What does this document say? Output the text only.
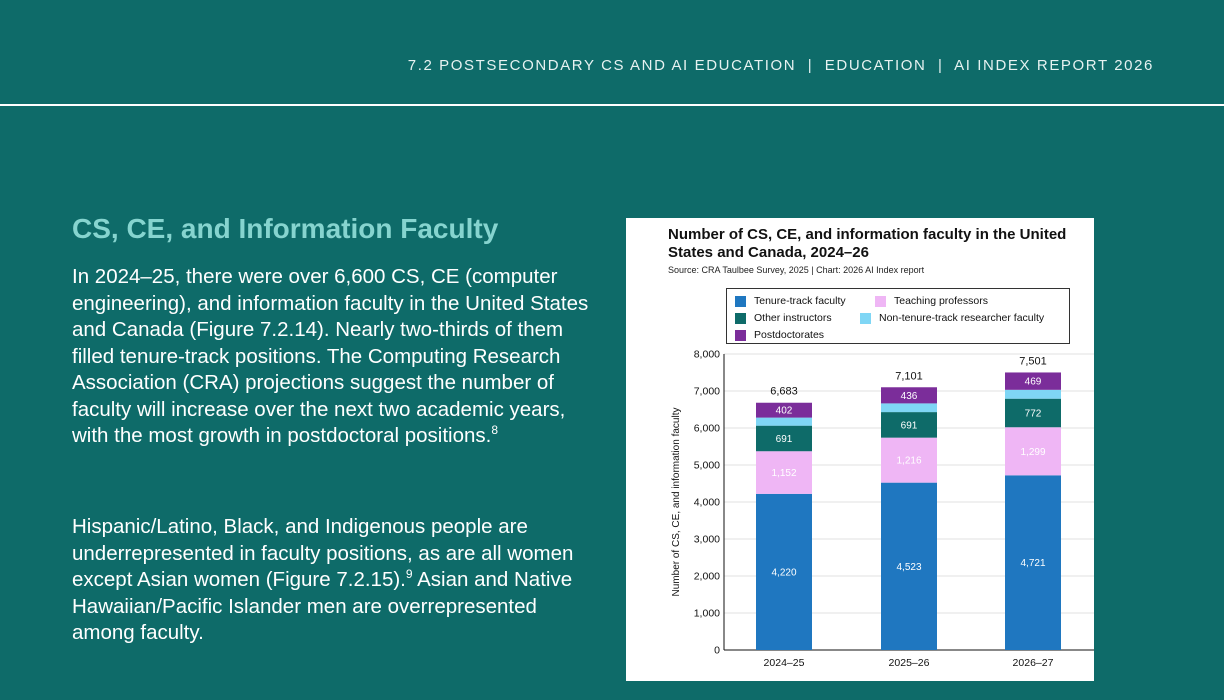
7.2 POSTSECONDARY CS AND AI EDUCATION  |  EDUCATION  |  AI INDEX REPORT 2026
CS, CE, and Information Faculty

In 2024–25, there were over 6,600 CS, CE (computer engineering), and information faculty in the United States and Canada (Figure 7.2.14). Nearly two-thirds of them filled tenure-track positions. The Computing Research Association (CRA) projections suggest the number of faculty will increase over the next two academic years, with the most growth in postdoctoral positions.$^8$

Hispanic/Latino, Black, and Indigenous people are underrepresented in faculty positions, as are all women except Asian women (Figure 7.2.15).$^9$ Asian and Native Hawaiian/Pacific Islander men are overrepresented among faculty.

Number of CS, CE, and information faculty in the United States and Canada, 2024–26
Source: CRA Taulbee Survey, 2025 | Chart: 2026 AI Index report
Tenure-track faculty	Teaching professors
Other instructors	Non-tenure-track researcher faculty
Postdoctorates
0
1,000
2,000
3,000
4,000
5,000
6,000
7,000
8,000
4,220
1,152
691
402
6,683
2024–25
4,523
1,216
691
436
7,101
2025–26
4,721
1,299
772
469
7,501
2026–27
Number of CS, CE, and information faculty
